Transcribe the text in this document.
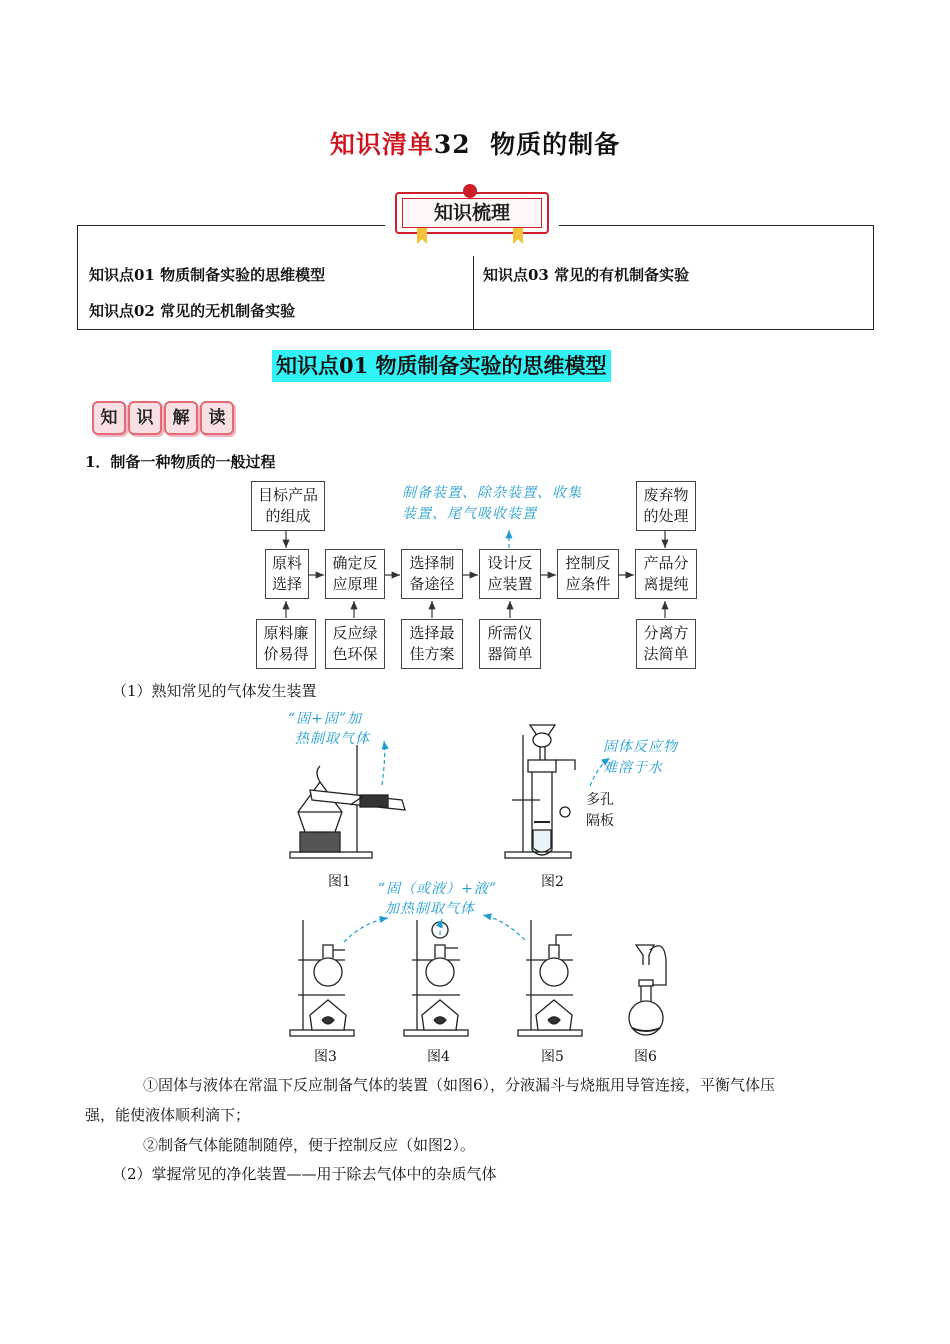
知识清单32 物质的制备
知识点01 物质制备实验的思维模型
知识点02 常见的无机制备实验
知识点03 常见的有机制备实验
知识梳理
知识点01 物质制备实验的思维模型
知	识	解	读
1．制备一种物质的一般过程
目标产品
的组成
废弃物
的处理
原料
选择
确定反
应原理
选择制
备途径
设计反
应装置
控制反
应条件
产品分
离提纯
原料廉
价易得
反应绿
色环保
选择最
佳方案
所需仪
器简单
分离方
法简单
制备装置、除杂装置、收集
装置、尾气吸收装置
（1）熟知常见的气体发生装置
“固+固”加
热制取气体	固体反应物
难溶于水
多孔
隔板
“固（或液）+液”
加热制取气体
图1	图2
图3	图4	图5	图6
①固体与液体在常温下反应制备气体的装置（如图6），分液漏斗与烧瓶用导管连接，平衡气体压
强，能使液体顺利滴下；
②制备气体能随制随停，便于控制反应（如图2）。
（2）掌握常见的净化装置——用于除去气体中的杂质气体
